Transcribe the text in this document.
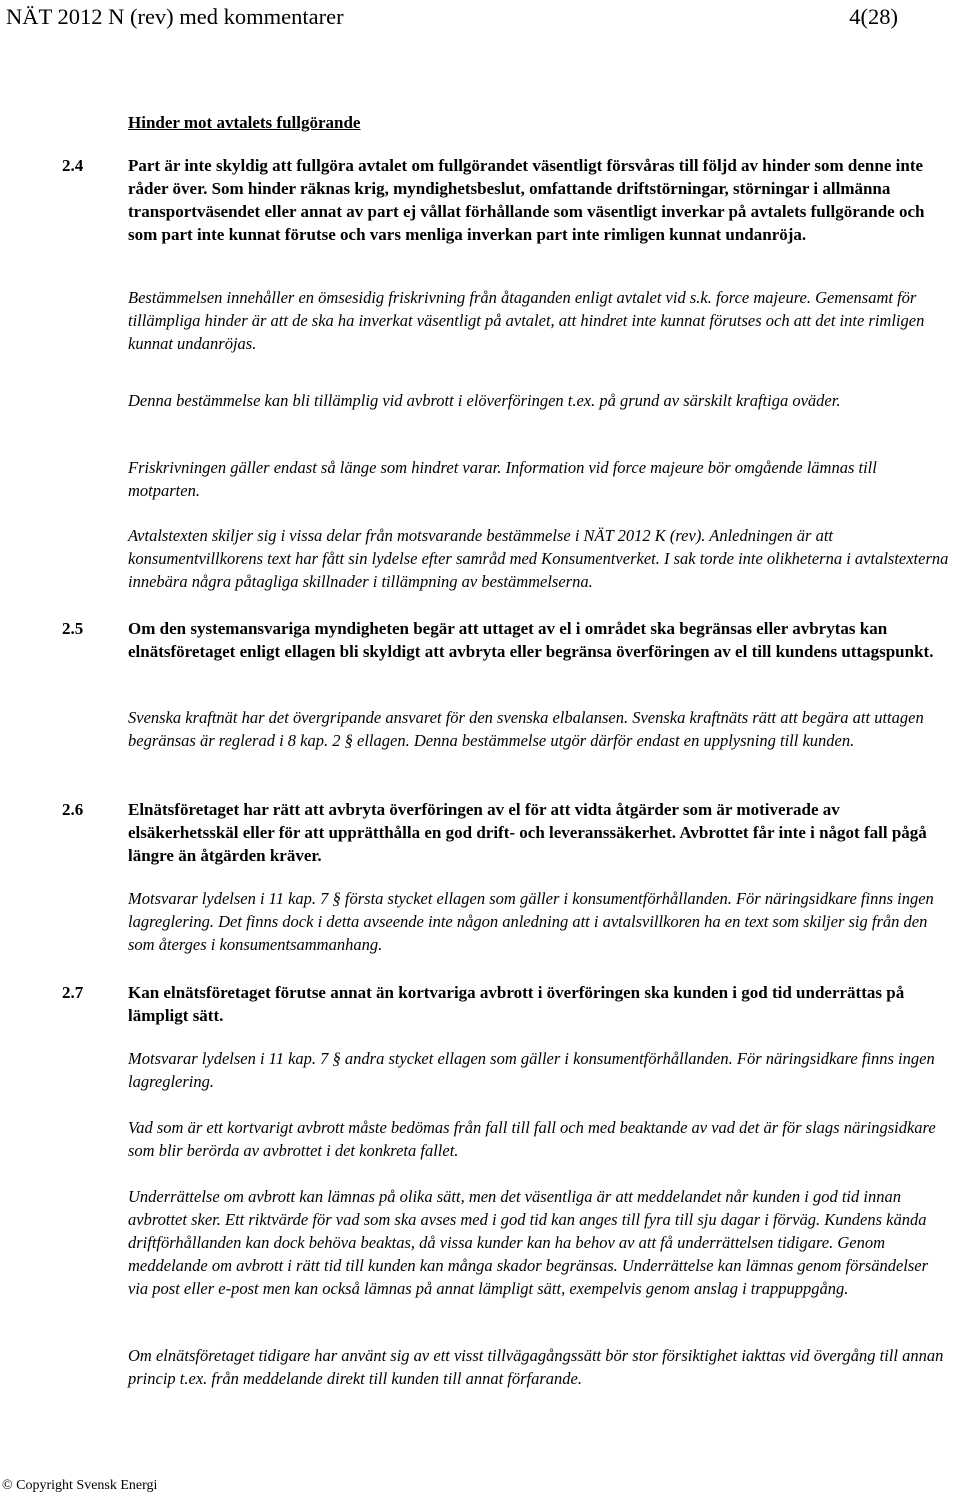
NÄT 2012 N (rev) med kommentarer	4(28)
Hinder mot avtalets fullgörande
2.4	Part är inte skyldig att fullgöra avtalet om fullgörandet väsentligt försvåras till följd av hinder som denne inte råder över. Som hinder räknas krig, myndighetsbeslut, omfattande driftstörningar, störningar i allmänna transportväsendet eller annat av part ej vållat förhållande som väsentligt inverkar på avtalets fullgörande och som part inte kunnat förutse och vars menliga inverkan part inte rimligen kunnat undanröja.
Bestämmelsen innehåller en ömsesidig friskrivning från åtaganden enligt avtalet vid s.k. force majeure. Gemensamt för tillämpliga hinder är att de ska ha inverkat väsentligt på avtalet, att hindret inte kunnat förutses och att det inte rimligen kunnat undanröjas.
Denna bestämmelse kan bli tillämplig vid avbrott i elöverföringen t.ex. på grund av särskilt kraftiga oväder.
Friskrivningen gäller endast så länge som hindret varar. Information vid force majeure bör omgående lämnas till motparten.
Avtalstexten skiljer sig i vissa delar från motsvarande bestämmelse i NÄT 2012 K (rev). Anledningen är att konsumentvillkorens text har fått sin lydelse efter samråd med Konsumentverket. I sak torde inte olikheterna i avtalstexterna innebära några påtagliga skillnader i tillämpning av bestämmelserna.
2.5	Om den systemansvariga myndigheten begär att uttaget av el i området ska begränsas eller avbrytas kan elnätsföretaget enligt ellagen bli skyldigt att avbryta eller begränsa överföringen av el till kundens uttagspunkt.
Svenska kraftnät har det övergripande ansvaret för den svenska elbalansen. Svenska kraftnäts rätt att begära att uttagen begränsas är reglerad i 8 kap. 2 § ellagen. Denna bestämmelse utgör därför endast en upplysning till kunden.
2.6	Elnätsföretaget har rätt att avbryta överföringen av el för att vidta åtgärder som är motiverade av elsäkerhetsskäl eller för att upprätthålla en god drift- och leveranssäkerhet. Avbrottet får inte i något fall pågå längre än åtgärden kräver.
Motsvarar lydelsen i 11 kap. 7 § första stycket ellagen som gäller i konsumentförhållanden. För näringsidkare finns ingen lagreglering. Det finns dock i detta avseende inte någon anledning att i avtalsvillkoren ha en text som skiljer sig från den som återges i konsumentsammanhang.
2.7	Kan elnätsföretaget förutse annat än kortvariga avbrott i överföringen ska kunden i god tid underrättas på lämpligt sätt.
Motsvarar lydelsen i 11 kap. 7 § andra stycket ellagen som gäller i konsumentförhållanden. För näringsidkare finns ingen lagreglering.
Vad som är ett kortvarigt avbrott måste bedömas från fall till fall och med beaktande av vad det är för slags näringsidkare som blir berörda av avbrottet i det konkreta fallet.
Underrättelse om avbrott kan lämnas på olika sätt, men det väsentliga är att meddelandet når kunden i god tid innan avbrottet sker. Ett riktvärde för vad som ska avses med i god tid kan anges till fyra till sju dagar i förväg. Kundens kända driftförhållanden kan dock behöva beaktas, då vissa kunder kan ha behov av att få underrättelsen tidigare. Genom meddelande om avbrott i rätt tid till kunden kan många skador begränsas. Underrättelse kan lämnas genom försändelser via post eller e-post men kan också lämnas på annat lämpligt sätt, exempelvis genom anslag i trappuppgång.
Om elnätsföretaget tidigare har använt sig av ett visst tillvägagångssätt bör stor försiktighet iakttas vid övergång till annan princip t.ex. från meddelande direkt till kunden till annat förfarande.
© Copyright Svensk Energi
